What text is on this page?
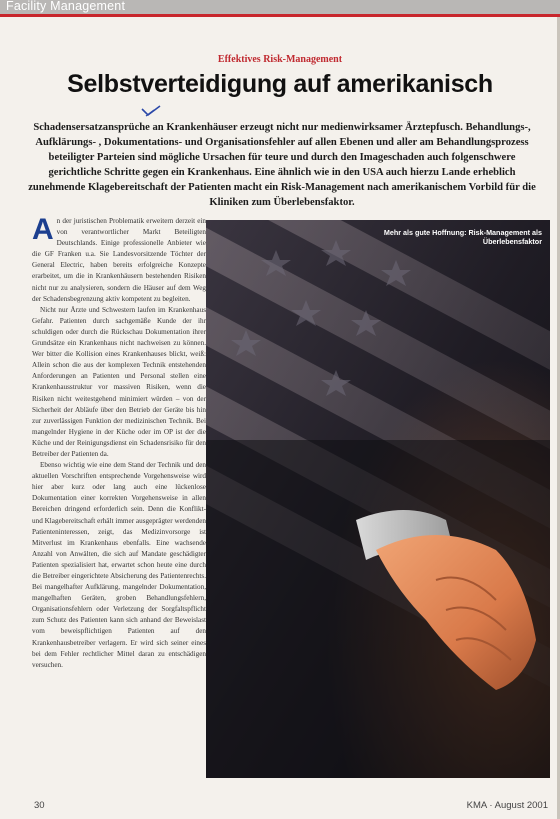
Facility Management
Effektives Risk-Management
Selbstverteidigung auf amerikanisch
Schadensersatzansprüche an Krankenhäuser erzeugt nicht nur medienwirksamer Ärztepfusch. Behandlungs-, Aufklärungs- , Dokumentations- und Organisationsfehler auf allen Ebenen und aller am Behandlungsprozess beteiligter Parteien sind mögliche Ursachen für teure und durch den Imageschaden auch folgenschwere gerichtliche Schritte gegen ein Krankenhaus. Eine ähnlich wie in den USA auch hierzu Lande erheblich zunehmende Klagebereitschaft der Patienten macht ein Risk-Management nach amerikanischem Vorbild für die Kliniken zum Überlebensfaktor.
A n der juristischen Problematik erweitern derzeit ein von verantwortlicher Markt Beteiligten Deutschlands. Einige professionelle Anbieter wie die GF Franken u.a. Sie Landesvorsitzende Töchter der General Electric, haben bereits erfolgreiche Konzepte erarbeitet, um die in Krankenhäusern bestehenden Risiken nicht nur zu analysieren, sondern die Häuser auf dem Weg der Schadensbegrenzung aktiv kompetent zu begleiten.

Nicht nur Ärzte und Schwestern laufen im Krankenhaus Gefahr. Patienten durch sachgemäße Kunde der ihr schuldigen oder durch die Rückschau Dokumentation ihrer Grundsätze ein Krankenhaus nicht nachweisen zu können. Wer bitter die Kollision eines Krankenhauses blickt, weiß: Allein schon die aus der komplexen Technik entstehenden Anforderungen an Patienten und Personal stellen eine Krankenhausstruktur vor massiven Risiken, wenn die Risiken nicht weitestgehend minimiert würden – von der Sicherheit der Abläufe über den Betrieb der Geräte bis hin zur zuverlässigen Funktion der medizinischen Technik. Bei mangelnder Hygiene in der Küche oder im OP ist der die Küche und der Reinigungsdienst ein Schadensrisiko für den Betreiber der Patienten da.

Ebenso wichtig wie eine dem Stand der Technik und den aktuellen Vorschriften entsprechende Vorgehensweise wird hier aber kurz oder lang auch eine lückenlose Dokumentation einer korrekten Vorgehensweise in allen Bereichen dringend erforderlich sein. Denn die Konflikt- und Klagebereitschaft erhält immer ausgeprägter werdenden Patienteninteressen, zeigt, das Medizinvorsorge ist Mitverlust im Krankenhaus ebenfalls. Eine wachsende Anzahl von Anwälten, die sich auf Mandate geschädigter Patienten spezialisiert hat, erwartet schon heute eine durch die Betreiber eingerichtete Absicherung des Patientenrechts. Bei mangelhafter Aufklärung, mangelnder Dokumentation, mangelhaften Geräten, groben Behandlungsfehlern, Organisationsfehlern oder Verletzung der Sorgfaltspflicht zum Schutz des Patienten kann sich anhand der Beweislast vom beweispflichtigen Patienten auf den Krankenhausbetreiber verlagern. Er wird sich seiner eines bei dem Fehler rechtlicher Mittel daran zu entschädigen versuchen.

Mehr als gute Hoffnung: Risk-Management als Überlebensfaktor
30	KMA · August 2001
